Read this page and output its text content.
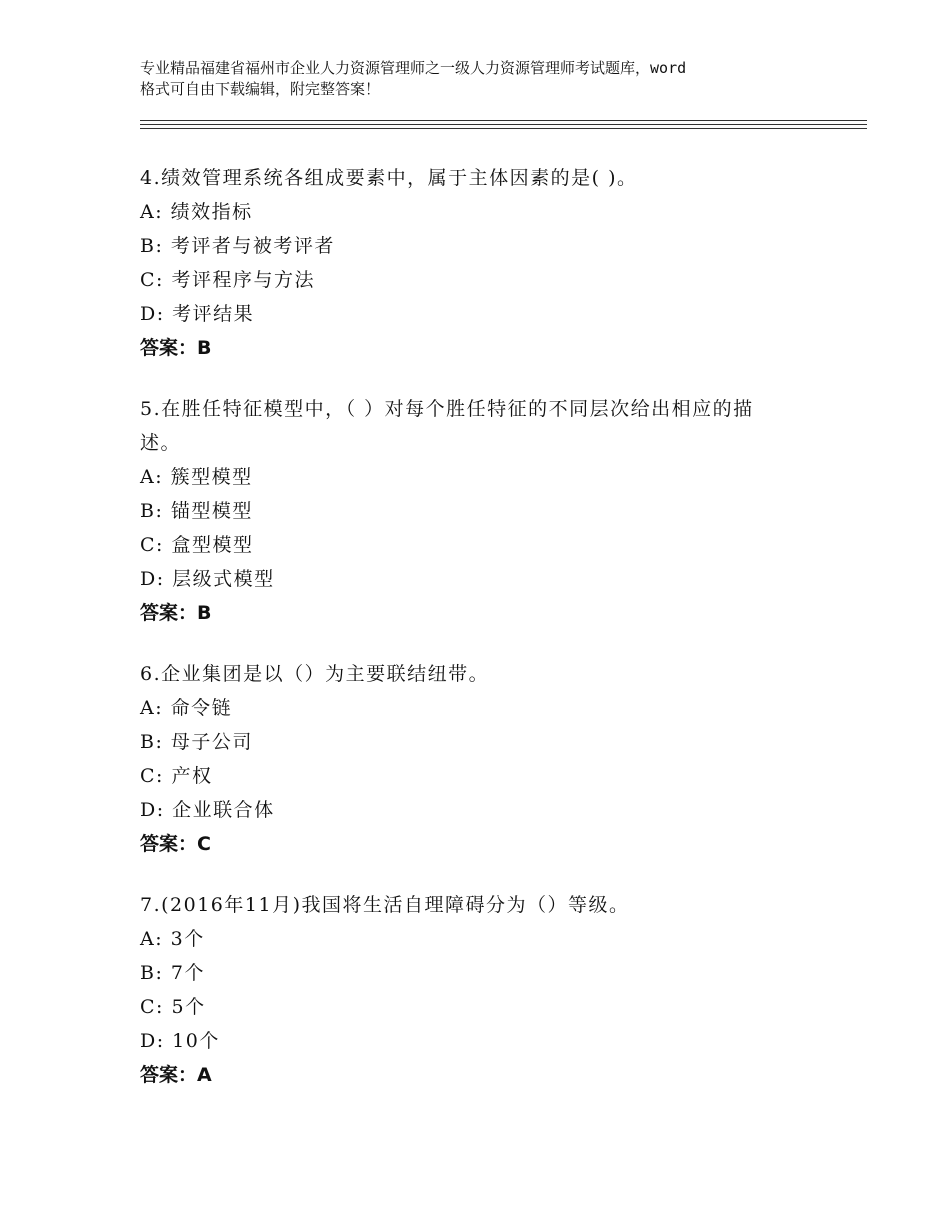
专业精品福建省福州市企业人力资源管理师之一级人力资源管理师考试题库，word
格式可自由下载编辑，附完整答案！

4.绩效管理系统各组成要素中，属于主体因素的是( )。

A: 绩效指标
B: 考评者与被考评者
C: 考评程序与方法
D: 考评结果
答案：B

5.在胜任特征模型中，（ ）对每个胜任特征的不同层次给出相应的描
述。

A: 簇型模型
B: 锚型模型
C: 盒型模型
D: 层级式模型
答案：B

6.企业集团是以（）为主要联结纽带。

A: 命令链
B: 母子公司
C: 产权
D: 企业联合体
答案：C

7.(2016年11月)我国将生活自理障碍分为（）等级。

A: 3个
B: 7个
C: 5个
D: 10个
答案：A
